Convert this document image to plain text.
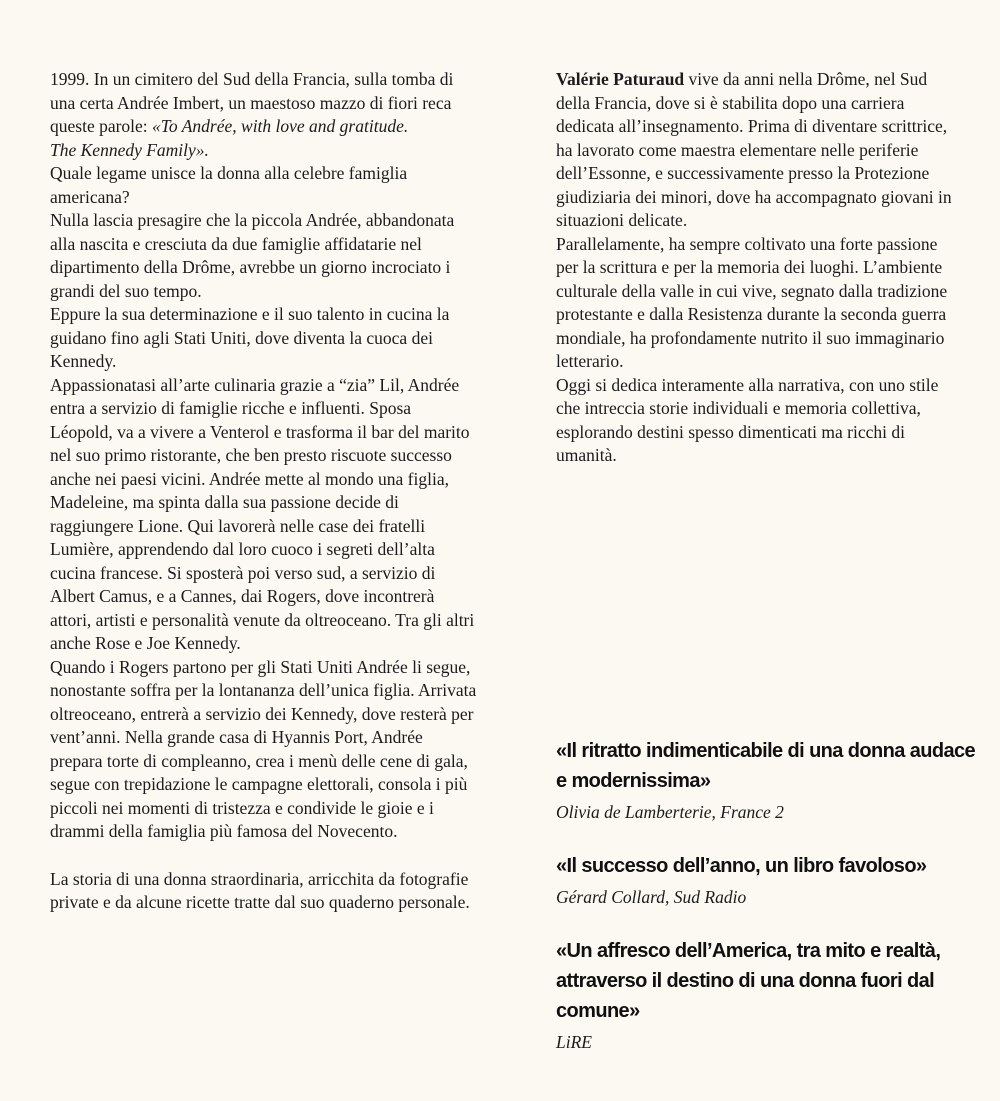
1999. In un cimitero del Sud della Francia, sulla tomba di una certa Andrée Imbert, un maestoso mazzo di fiori reca queste parole: «To Andrée, with love and gratitude.

The Kennedy Family».

Quale legame unisce la donna alla celebre famiglia americana?

Nulla lascia presagire che la piccola Andrée, abbandonata alla nascita e cresciuta da due famiglie affidatarie nel dipartimento della Drôme, avrebbe un giorno incrociato i grandi del suo tempo.

Eppure la sua determinazione e il suo talento in cucina la guidano fino agli Stati Uniti, dove diventa la cuoca dei Kennedy.

Appassionatasi all’arte culinaria grazie a “zia” Lil, Andrée entra a servizio di famiglie ricche e influenti. Sposa Léopold, va a vivere a Venterol e trasforma il bar del marito nel suo primo ristorante, che ben presto riscuote successo anche nei paesi vicini. Andrée mette al mondo una figlia, Madeleine, ma spinta dalla sua passione decide di raggiungere Lione. Qui lavorerà nelle case dei fratelli Lumière, apprendendo dal loro cuoco i segreti dell’alta cucina francese. Si sposterà poi verso sud, a servizio di Albert Camus, e a Cannes, dai Rogers, dove incontrerà attori, artisti e personalità venute da oltreoceano. Tra gli altri anche Rose e Joe Kennedy.

Quando i Rogers partono per gli Stati Uniti Andrée li segue, nonostante soffra per la lontananza dell’unica figlia. Arrivata oltreoceano, entrerà a servizio dei Kennedy, dove resterà per vent’anni. Nella grande casa di Hyannis Port, Andrée prepara torte di compleanno, crea i menù delle cene di gala, segue con trepidazione le campagne elettorali, consola i più piccoli nei momenti di tristezza e condivide le gioie e i drammi della famiglia più famosa del Novecento.

La storia di una donna straordinaria, arricchita da fotografie private e da alcune ricette tratte dal suo quaderno personale.

Valérie Paturaud vive da anni nella Drôme, nel Sud della Francia, dove si è stabilita dopo una carriera dedicata all’insegnamento. Prima di diventare scrittrice, ha lavorato come maestra elementare nelle periferie dell’Essonne, e successivamente presso la Protezione giudiziaria dei minori, dove ha accompagnato giovani in situazioni delicate.

Parallelamente, ha sempre coltivato una forte passione per la scrittura e per la memoria dei luoghi. L’ambiente culturale della valle in cui vive, segnato dalla tradizione protestante e dalla Resistenza durante la seconda guerra mondiale, ha profondamente nutrito il suo immaginario letterario.

Oggi si dedica interamente alla narrativa, con uno stile che intreccia storie individuali e memoria collettiva, esplorando destini spesso dimenticati ma ricchi di umanità.

«Il ritratto indimenticabile di una donna audace e modernissima»
Olivia de Lamberterie, France 2
«Il successo dell’anno, un libro favoloso»
Gérard Collard, Sud Radio
«Un affresco dell’America, tra mito e realtà, attraverso il destino di una donna fuori dal comune»
LiRE
